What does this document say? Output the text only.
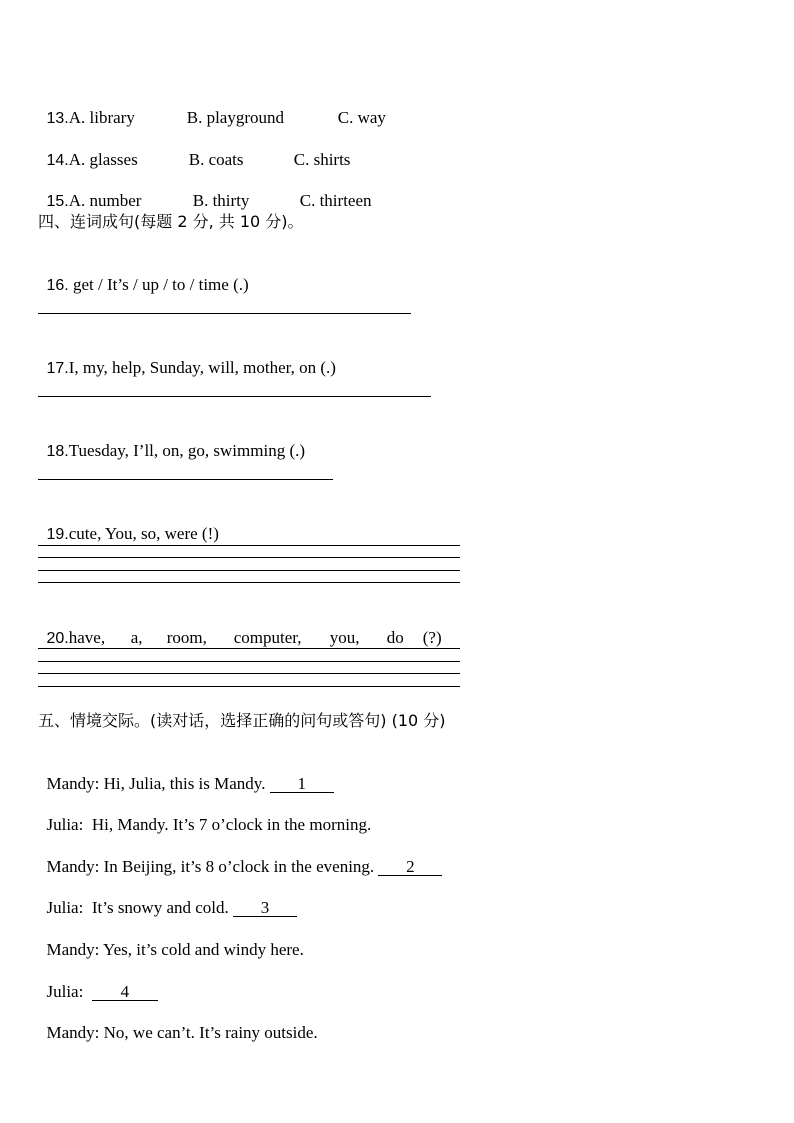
13.A. library	B. playground	C. way

14.A. glasses	B. coats	C. shirts

15.A. number	B. thirty	C. thirteen

四、连词成句(每题 2 分, 共 10 分)。

16. get / It’s / up / to / time (.)

17.I, my, help, Sunday, will, mother, on (.)

18.Tuesday, I’ll, on, go, swimming (.)

19.cute, You, so, were (!)

20.have, a, room, computer, you, do (?)

五、情境交际。(读对话，选择正确的问句或答句) (10 分)

Mandy: Hi, Julia, this is Mandy. 1

Julia: Hi, Mandy. It’s 7 o’clock in the morning.

Mandy: In Beijing, it’s 8 o’clock in the evening. 2

Julia: It’s snowy and cold. 3

Mandy: Yes, it’s cold and windy here.

Julia: 4

Mandy: No, we can’t. It’s rainy outside.
